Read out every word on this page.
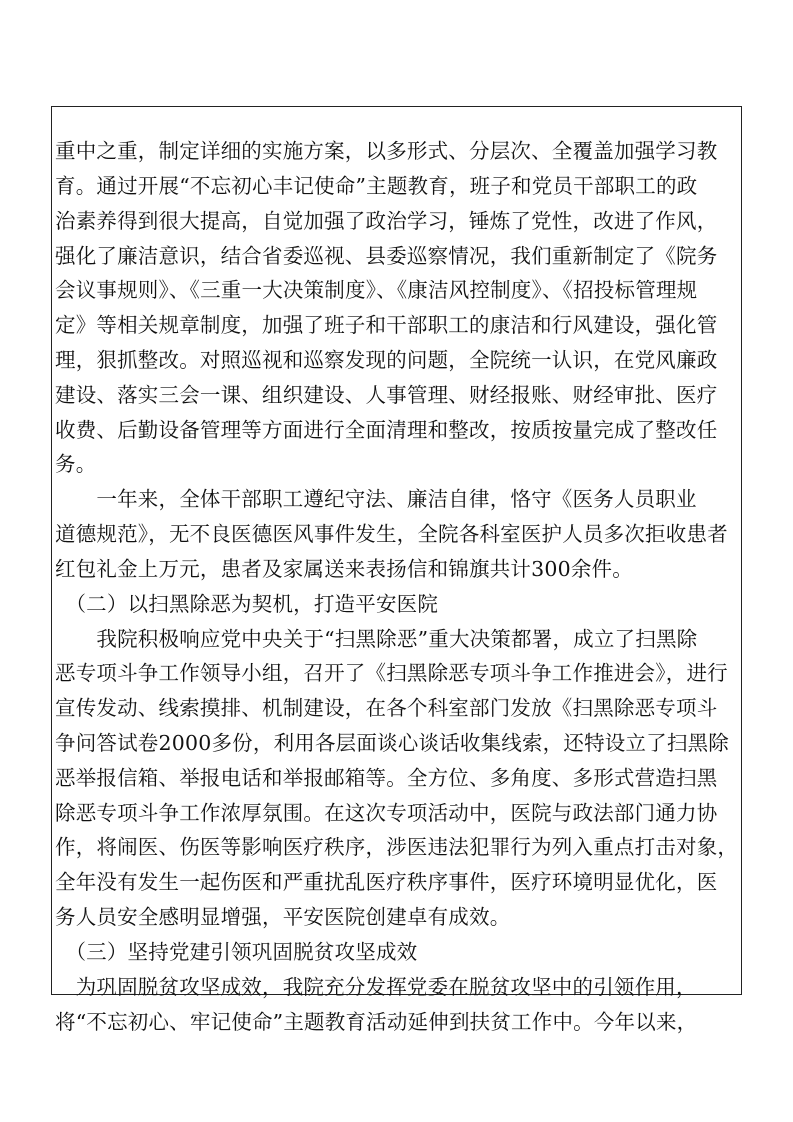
重中之重，制定详细的实施方案，以多形式、分层次、全覆盖加强学习教
育。通过开展“不忘初心丰记使命”主题教育，班子和党员干部职工的政
治素养得到很大提高，自觉加强了政治学习，锤炼了党性，改进了作风，
强化了廉洁意识，结合省委巡视、县委巡察情况，我们重新制定了《院务
会议事规则》、《三重一大决策制度》、《康洁风控制度》、《招投标管理规
定》等相关规章制度，加强了班子和干部职工的康洁和行风建设，强化管
理，狠抓整改。对照巡视和巡察发现的问题，全院统一认识，在党风廉政
建设、落实三会一课、组织建设、人事管理、财经报账、财经审批、医疗
收费、后勤设备管理等方面进行全面清理和整改，按质按量完成了整改任
务。
　　一年来，全体干部职工遵纪守法、廉洁自律，恪守《医务人员职业
道德规范》，无不良医德医风事件发生，全院各科室医护人员多次拒收患者
红包礼金上万元，患者及家属送来表扬信和锦旗共计300余件。
　（二）以扫黑除恶为契机，打造平安医院
　　我院积极响应党中央关于“扫黑除恶”重大决策都署，成立了扫黑除
恶专项斗争工作领导小组，召开了《扫黑除恶专项斗争工作推进会》，进行
宣传发动、线索摸排、机制建设，在各个科室部门发放《扫黑除恶专项斗
争问答试卷2000多份，利用各层面谈心谈话收集线索，还特设立了扫黑除
恶举报信箱、举报电话和举报邮箱等。全方位、多角度、多形式营造扫黑
除恶专项斗争工作浓厚氛围。在这次专项活动中，医院与政法部门通力协
作，将闹医、伤医等影响医疗秩序，涉医违法犯罪行为列入重点打击对象，
全年没有发生一起伤医和严重扰乱医疗秩序事件，医疗环境明显优化，医
务人员安全感明显增强，平安医院创建卓有成效。
　（三）坚持党建引领巩固脱贫攻坚成效
　为巩固脱贫攻坚成效，我院充分发挥党委在脱贫攻坚中的引领作用，
将“不忘初心、牢记使命”主题教育活动延伸到扶贫工作中。今年以来，
